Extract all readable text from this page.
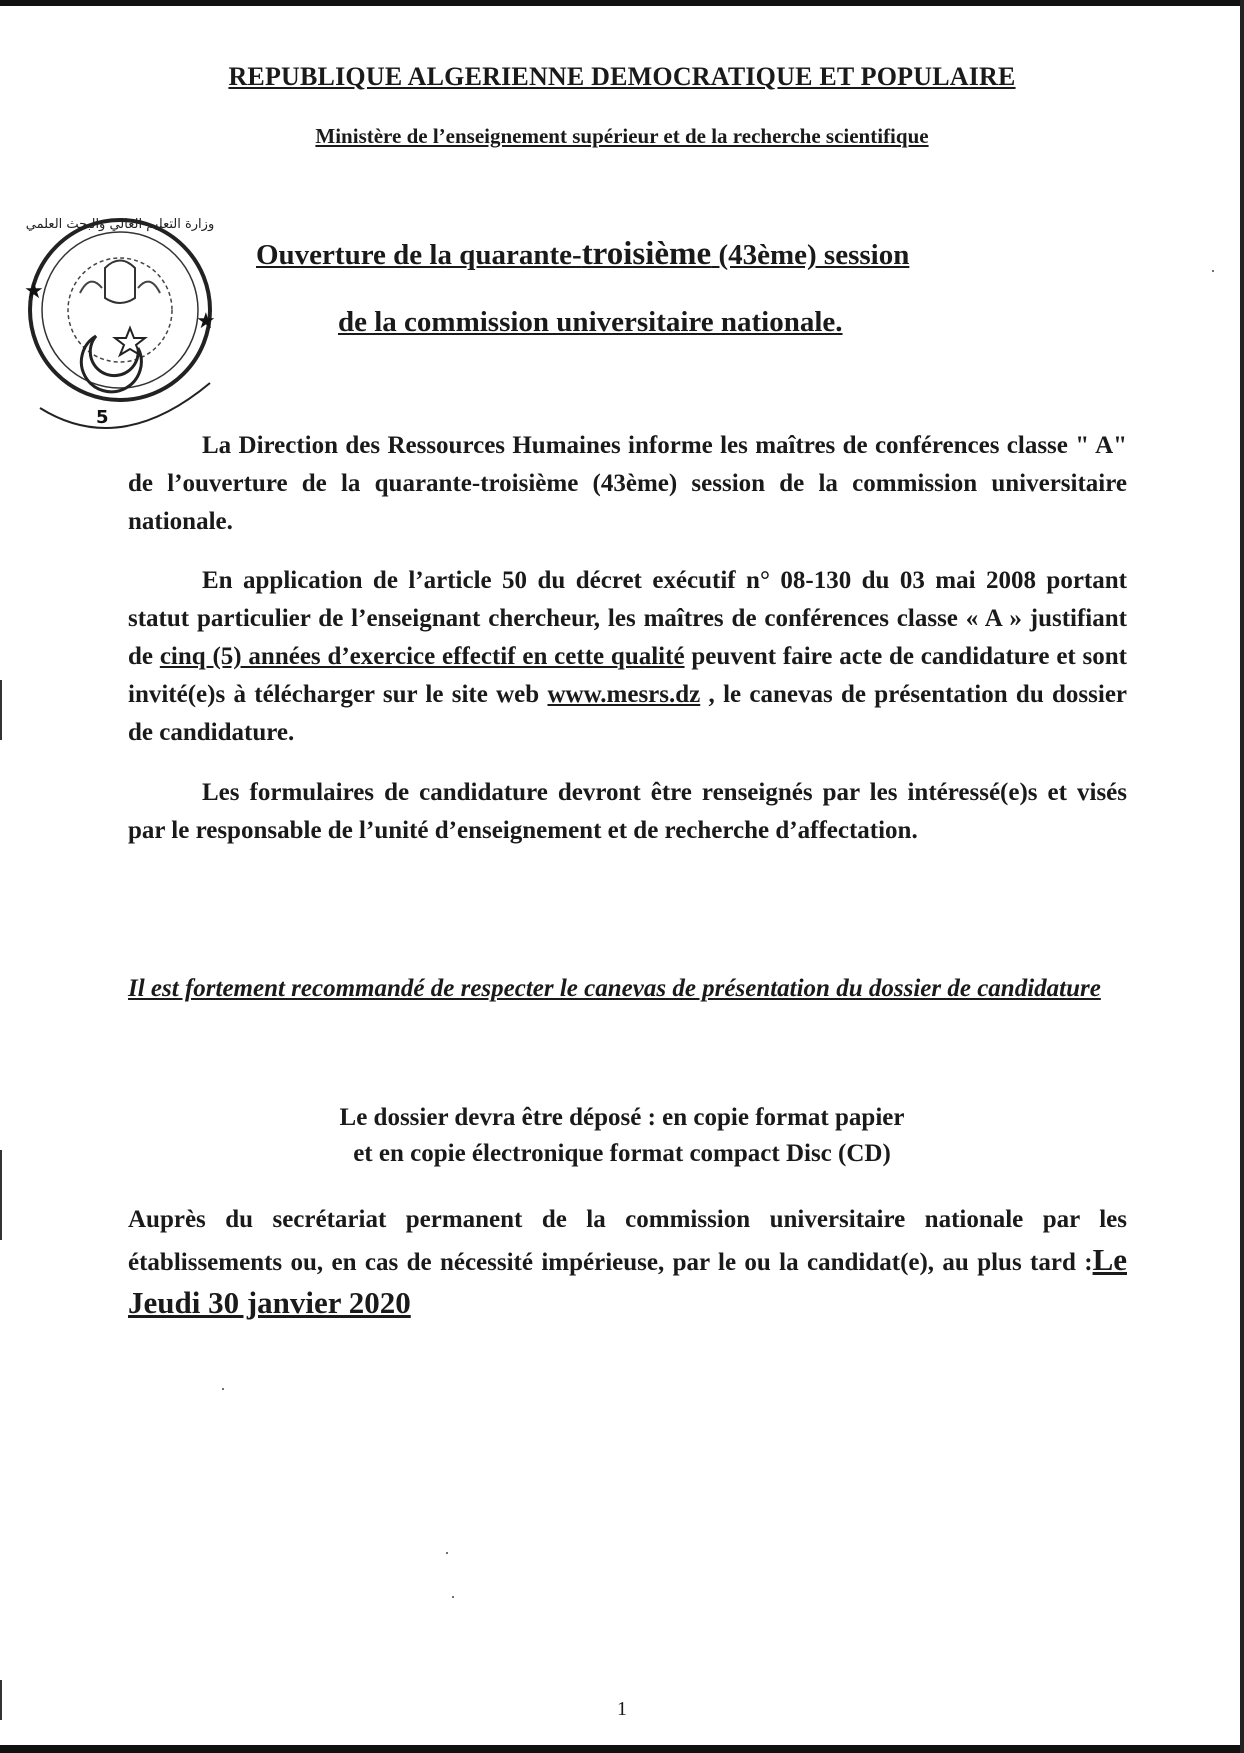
REPUBLIQUE ALGERIENNE DEMOCRATIQUE ET POPULAIRE
Ministère de l’enseignement supérieur et de la recherche scientifique
★
★
5
وزارة التعليم العالي والبحث العلمي
Ouverture de la quarante-troisième (43ème) session
de la commission universitaire nationale.
La Direction des Ressources Humaines informe les maîtres de conférences classe " A" de l’ouverture de la quarante-troisième (43ème) session de la commission universitaire nationale.
En application de l’article 50 du décret exécutif n° 08-130 du 03 mai 2008 portant statut particulier de l’enseignant chercheur, les maîtres de conférences classe « A » justifiant de cinq (5) années d’exercice effectif en cette qualité peuvent faire acte de candidature et sont invité(e)s à télécharger sur le site web www.mesrs.dz , le canevas de présentation du dossier de candidature.
Les formulaires de candidature devront être renseignés par les intéressé(e)s et visés par le responsable de l’unité d’enseignement et de recherche d’affectation.
Il est fortement recommandé de respecter le canevas de présentation du dossier de candidature
Le dossier devra être déposé : en copie format papier
et en copie électronique format compact Disc (CD)
Auprès du secrétariat permanent de la commission universitaire nationale par les établissements ou, en cas de nécessité impérieuse, par le ou la candidat(e), au plus tard :Le Jeudi 30 janvier 2020
1
